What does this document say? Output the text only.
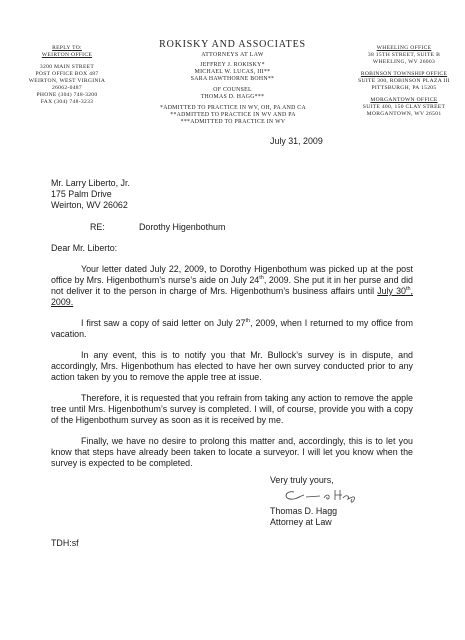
REPLY TO:
WEIRTON OFFICE
3200 MAIN STREET
POST OFFICE BOX 487
WEIRTON, WEST VIRGINIA 26062-0487
PHONE (304) 748-3200
FAX (304) 748-3233
ROKISKY AND ASSOCIATES
ATTORNEYS AT LAW
JEFFREY J. ROKISKY*
MICHAEL W. LUCAS, III**
SARA HAWTHORNE BOHN**
OF COUNSEL
THOMAS D. HAGG***
*ADMITTED TO PRACTICE IN WV, OH, PA AND CA
**ADMITTED TO PRACTICE IN WV AND PA
***ADMITTED TO PRACTICE IN WV
WHEELING OFFICE
38 15TH STREET, SUITE B
WHEELING, WV 26003
ROBINSON TOWNSHIP OFFICE
SUITE 300, ROBINSON PLAZA III
PITTSBURGH, PA 15205
MORGANTOWN OFFICE
SUITE 400, 150 CLAY STREET
MORGANTOWN, WV 26501
July 31, 2009
Mr. Larry Liberto, Jr.
175 Palm Drive
Weirton, WV 26062
RE:	Dorothy Higenbothum
Dear Mr. Liberto:

Your letter dated July 22, 2009, to Dorothy Higenbothum was picked up at the post office by Mrs. Higenbothum’s nurse’s aide on July 24th, 2009. She put it in her purse and did not deliver it to the person in charge of Mrs. Higenbothum’s business affairs until July 30th, 2009.

I first saw a copy of said letter on July 27th, 2009, when I returned to my office from vacation.

In any event, this is to notify you that Mr. Bullock’s survey is in dispute, and accordingly, Mrs. Higenbothum has elected to have her own survey conducted prior to any action taken by you to remove the apple tree at issue.

Therefore, it is requested that you refrain from taking any action to remove the apple tree until Mrs. Higenbothum’s survey is completed. I will, of course, provide you with a copy of the Higenbothum survey as soon as it is received by me.

Finally, we have no desire to prolong this matter and, accordingly, this is to let you know that steps have already been taken to locate a surveyor. I will let you know when the survey is expected to be completed.

Very truly yours,
Thomas D. Hagg
Attorney at Law
TDH:sf
